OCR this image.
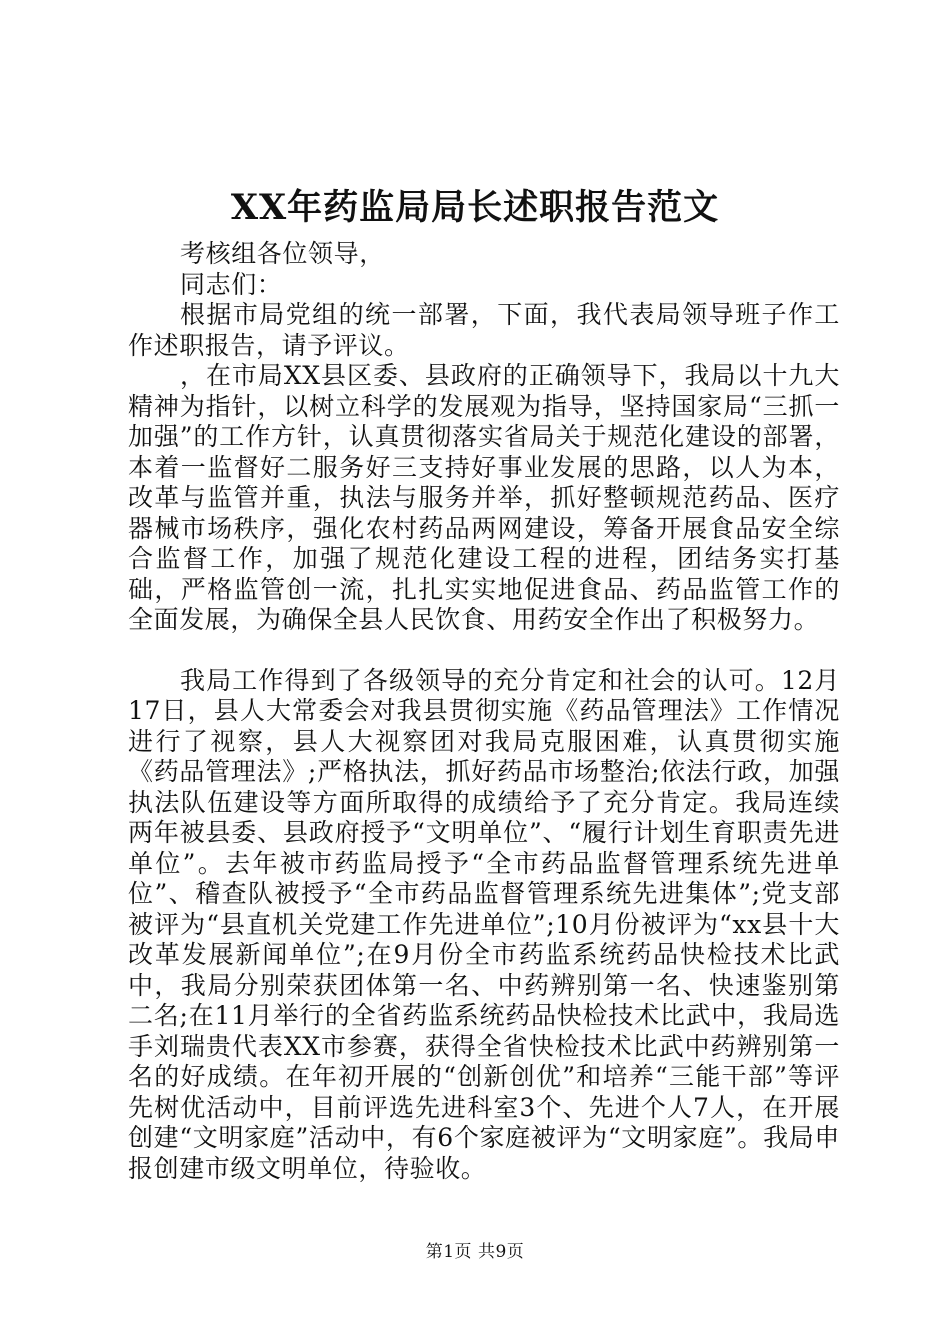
XX年药监局局长述职报告范文

考核组各位领导，

同志们：

根据市局党组的统一部署，下面，我代表局领导班子作工作述职报告，请予评议。

，在市局XX县区委、县政府的正确领导下，我局以十九大精神为指针，以树立科学的发展观为指导，坚持国家局“三抓一加强”的工作方针，认真贯彻落实省局关于规范化建设的部署，本着一监督好二服务好三支持好事业发展的思路，以人为本，改革与监管并重，执法与服务并举，抓好整顿规范药品、医疗器械市场秩序，强化农村药品两网建设，筹备开展食品安全综合监督工作，加强了规范化建设工程的进程，团结务实打基础，严格监管创一流，扎扎实实地促进食品、药品监管工作的全面发展，为确保全县人民饮食、用药安全作出了积极努力。

我局工作得到了各级领导的充分肯定和社会的认可。12月17日，县人大常委会对我县贯彻实施《药品管理法》工作情况进行了视察，县人大视察团对我局克服困难，认真贯彻实施《药品管理法》;严格执法，抓好药品市场整治;依法行政，加强执法队伍建设等方面所取得的成绩给予了充分肯定。我局连续两年被县委、县政府授予“文明单位”、“履行计划生育职责先进单位”。去年被市药监局授予“全市药品监督管理系统先进单位”、稽查队被授予“全市药品监督管理系统先进集体”;党支部被评为“县直机关党建工作先进单位”;10月份被评为“xx县十大改革发展新闻单位”;在9月份全市药监系统药品快检技术比武中，我局分别荣获团体第一名、中药辨别第一名、快速鉴别第二名;在11月举行的全省药监系统药品快检技术比武中，我局选手刘瑞贵代表XX市参赛，获得全省快检技术比武中药辨别第一名的好成绩。在年初开展的“创新创优”和培养“三能干部”等评先树优活动中，目前评选先进科室3个、先进个人7人，在开展创建“文明家庭”活动中，有6个家庭被评为“文明家庭”。我局申报创建市级文明单位，待验收。

第1页 共9页
